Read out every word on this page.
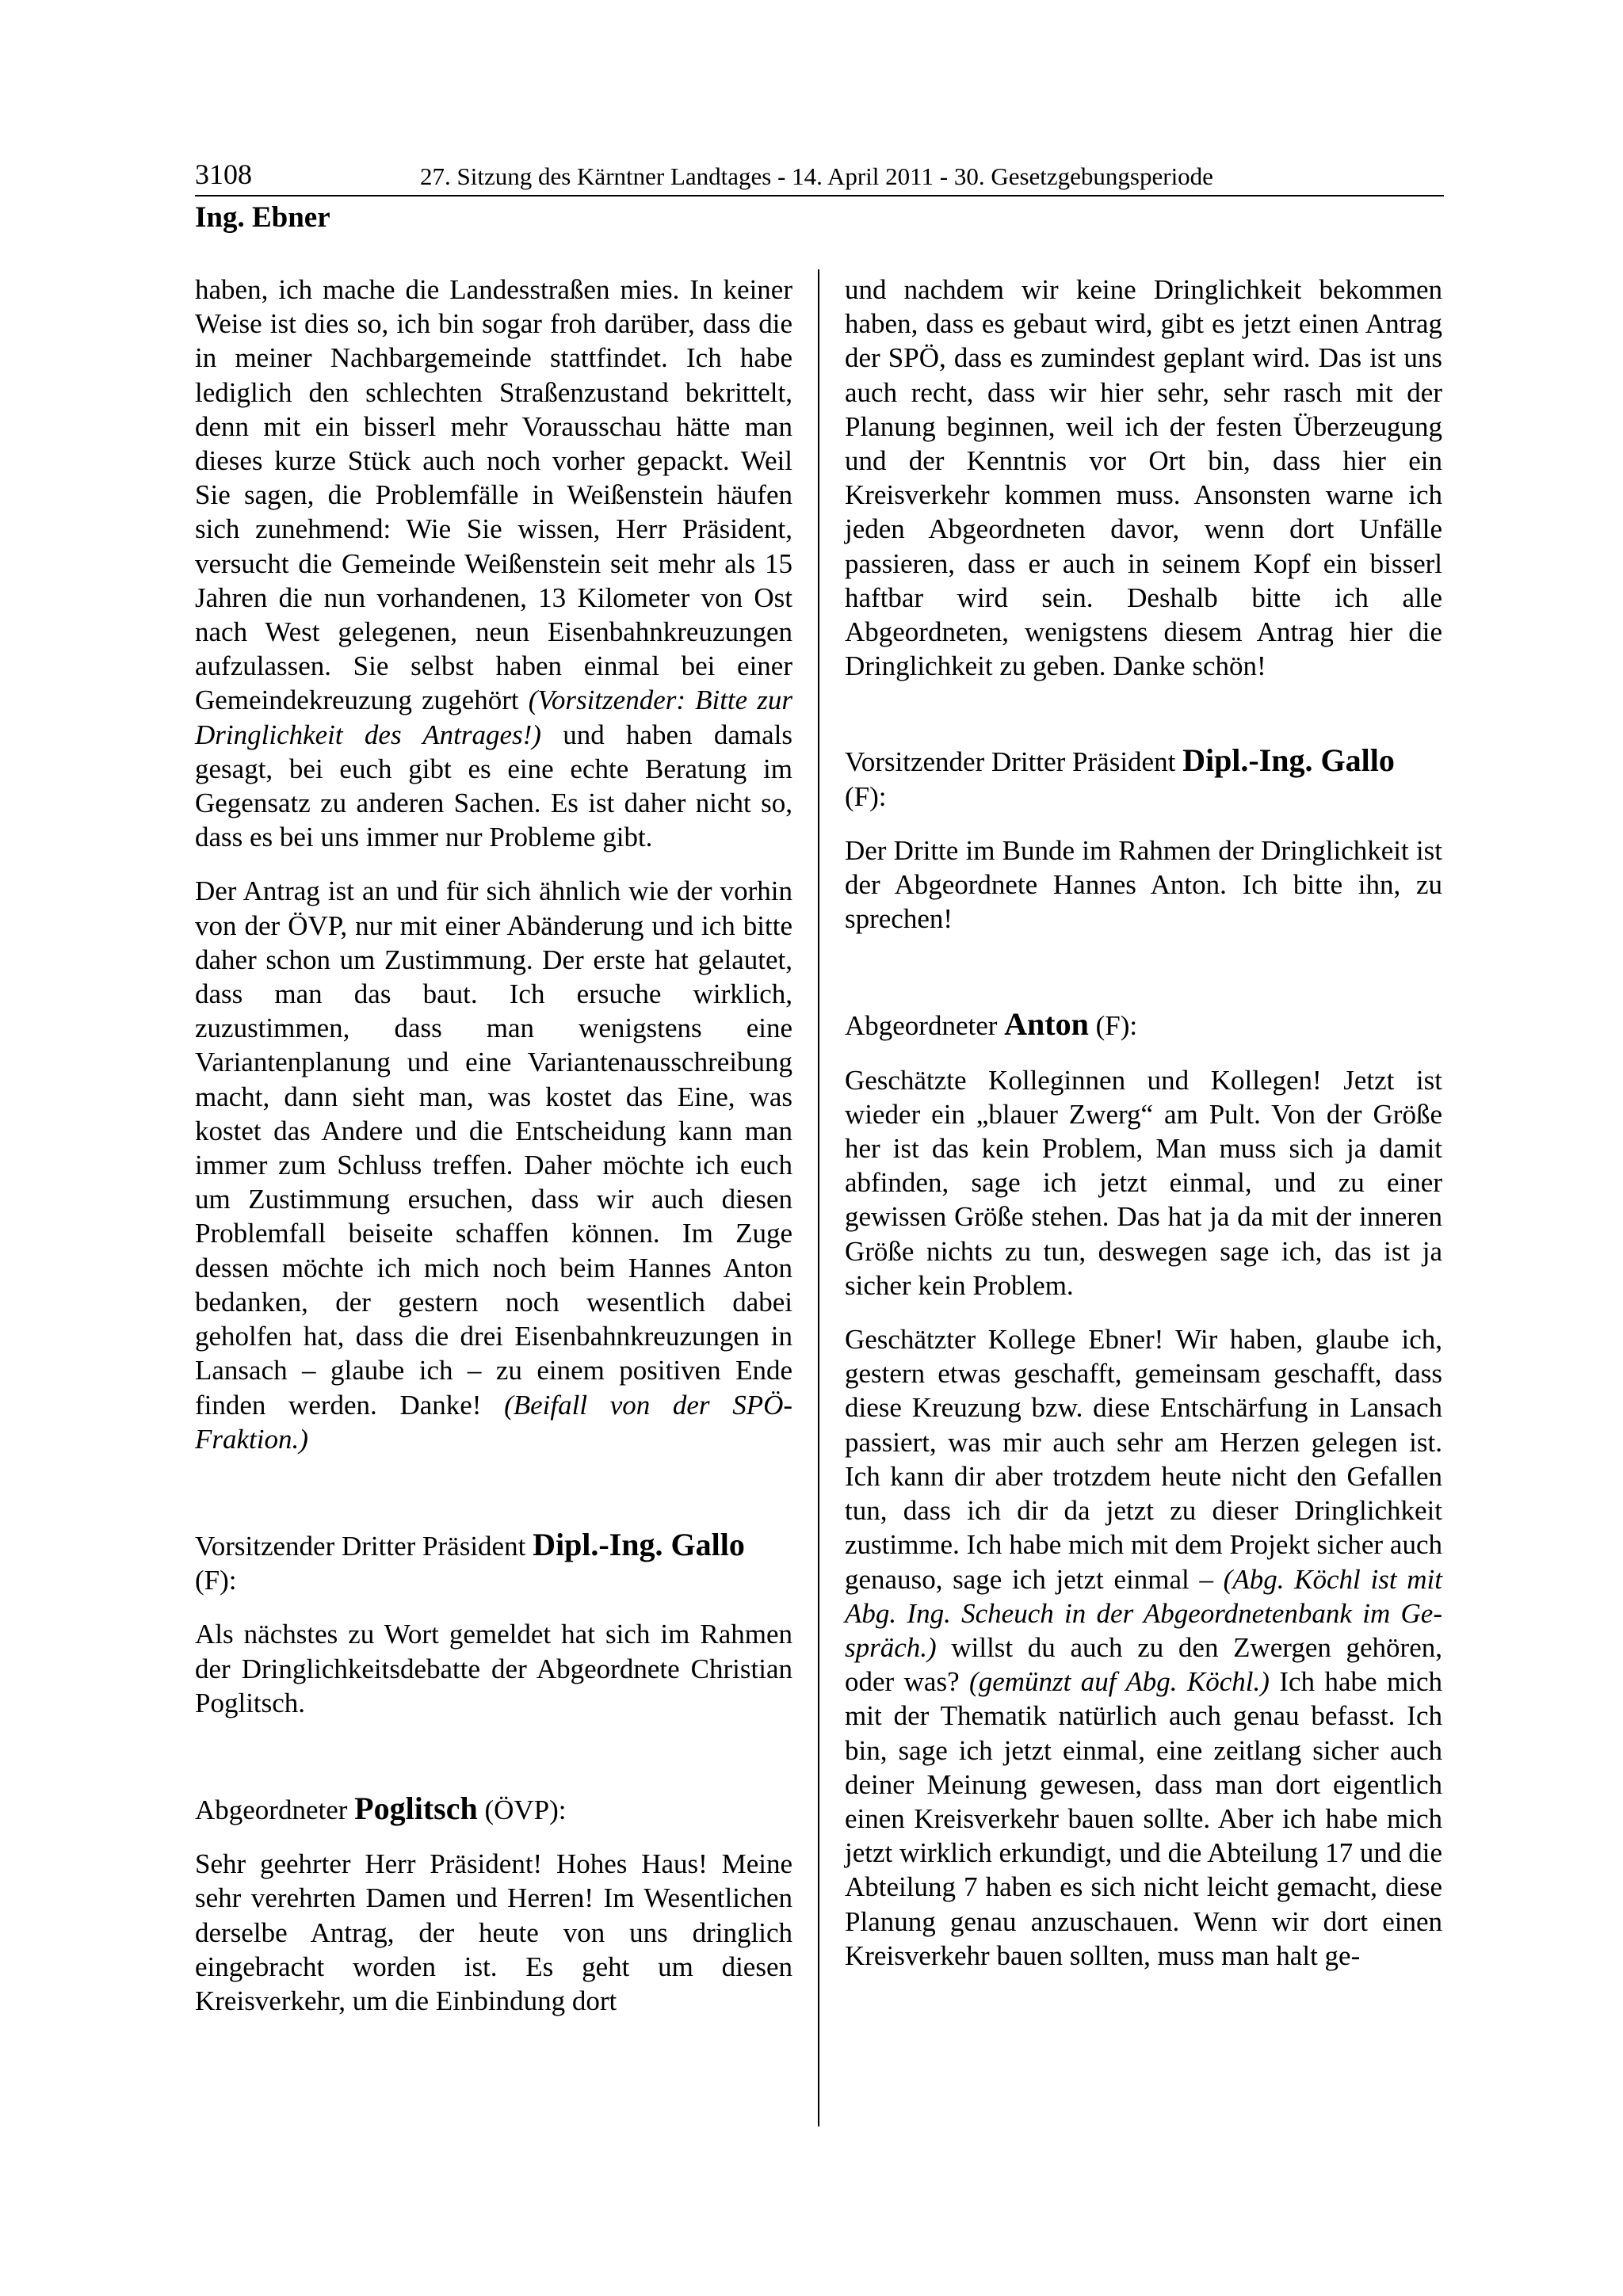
3108	27. Sitzung des Kärntner Landtages - 14. April 2011 - 30. Gesetzgebungsperiode
Ing. Ebner

haben, ich mache die Landesstraßen mies. In keiner Weise ist dies so, ich bin sogar froh darüber, dass die in meiner Nachbargemeinde stattfindet. Ich habe lediglich den schlechten Straßenzustand bekrittelt, denn mit ein bisserl mehr Vorausschau hätte man dieses kurze Stück auch noch vorher gepackt. Weil Sie sagen, die Problemfälle in Weißenstein häufen sich zunehmend: Wie Sie wissen, Herr Präsident, versucht die Gemeinde Weißenstein seit mehr als 15 Jahren die nun vorhandenen, 13 Kilometer von Ost nach West gelegenen, neun Eisenbahnkreuzungen aufzulassen. Sie selbst haben einmal bei einer Gemeindekreuzung zugehört (Vorsitzender: Bitte zur Dringlichkeit des Antrages!) und haben damals gesagt, bei euch gibt es eine echte Beratung im Gegensatz zu anderen Sachen. Es ist daher nicht so, dass es bei uns immer nur Probleme gibt.

Der Antrag ist an und für sich ähnlich wie der vorhin von der ÖVP, nur mit einer Abänderung und ich bitte daher schon um Zustimmung. Der erste hat gelautet, dass man das baut. Ich ersuche wirklich, zuzustimmen, dass man wenigstens eine Variantenplanung und eine Variantenausschreibung macht, dann sieht man, was kostet das Eine, was kostet das Andere und die Entscheidung kann man immer zum Schluss treffen. Daher möchte ich euch um Zustimmung ersuchen, dass wir auch diesen Problemfall beiseite schaffen können. Im Zuge dessen möchte ich mich noch beim Hannes Anton bedanken, der gestern noch wesentlich dabei geholfen hat, dass die drei Eisenbahnkreuzungen in Lansach – glaube ich – zu einem positiven Ende finden werden. Danke! (Beifall von der SPÖ-Fraktion.)

Vorsitzender Dritter Präsident Dipl.-Ing. Gallo (F):

Als nächstes zu Wort gemeldet hat sich im Rahmen der Dringlichkeitsdebatte der Abgeordnete Christian Poglitsch.

Abgeordneter Poglitsch (ÖVP):

Sehr geehrter Herr Präsident! Hohes Haus! Meine sehr verehrten Damen und Herren! Im Wesentlichen derselbe Antrag, der heute von uns dringlich eingebracht worden ist. Es geht um diesen Kreisverkehr, um die Einbindung dort

und nachdem wir keine Dringlichkeit bekommen haben, dass es gebaut wird, gibt es jetzt einen Antrag der SPÖ, dass es zumindest geplant wird. Das ist uns auch recht, dass wir hier sehr, sehr rasch mit der Planung beginnen, weil ich der festen Überzeugung und der Kenntnis vor Ort bin, dass hier ein Kreisverkehr kommen muss. Ansonsten warne ich jeden Abgeordneten davor, wenn dort Unfälle passieren, dass er auch in seinem Kopf ein bisserl haftbar wird sein. Deshalb bitte ich alle Abgeordneten, wenigstens diesem Antrag hier die Dringlichkeit zu geben. Danke schön!

Vorsitzender Dritter Präsident Dipl.-Ing. Gallo (F):

Der Dritte im Bunde im Rahmen der Dringlichkeit ist der Abgeordnete Hannes Anton. Ich bitte ihn, zu sprechen!

Abgeordneter Anton (F):

Geschätzte Kolleginnen und Kollegen! Jetzt ist wieder ein „blauer Zwerg“ am Pult. Von der Größe her ist das kein Problem, Man muss sich ja damit abfinden, sage ich jetzt einmal, und zu einer gewissen Größe stehen. Das hat ja da mit der inneren Größe nichts zu tun, deswegen sage ich, das ist ja sicher kein Problem.

Geschätzter Kollege Ebner! Wir haben, glaube ich, gestern etwas geschafft, gemeinsam geschafft, dass diese Kreuzung bzw. diese Entschärfung in Lansach passiert, was mir auch sehr am Herzen gelegen ist. Ich kann dir aber trotzdem heute nicht den Gefallen tun, dass ich dir da jetzt zu dieser Dringlichkeit zustimme. Ich habe mich mit dem Projekt sicher auch genauso, sage ich jetzt einmal – (Abg. Köchl ist mit Abg. Ing. Scheuch in der Abgeordnetenbank im Gespräch.) willst du auch zu den Zwergen gehören, oder was? (gemünzt auf Abg. Köchl.) Ich habe mich mit der Thematik natürlich auch genau befasst. Ich bin, sage ich jetzt einmal, eine zeitlang sicher auch deiner Meinung gewesen, dass man dort eigentlich einen Kreisverkehr bauen sollte. Aber ich habe mich jetzt wirklich erkundigt, und die Abteilung 17 und die Abteilung 7 haben es sich nicht leicht gemacht, diese Planung genau anzuschauen. Wenn wir dort einen Kreisverkehr bauen sollten, muss man halt ge-
